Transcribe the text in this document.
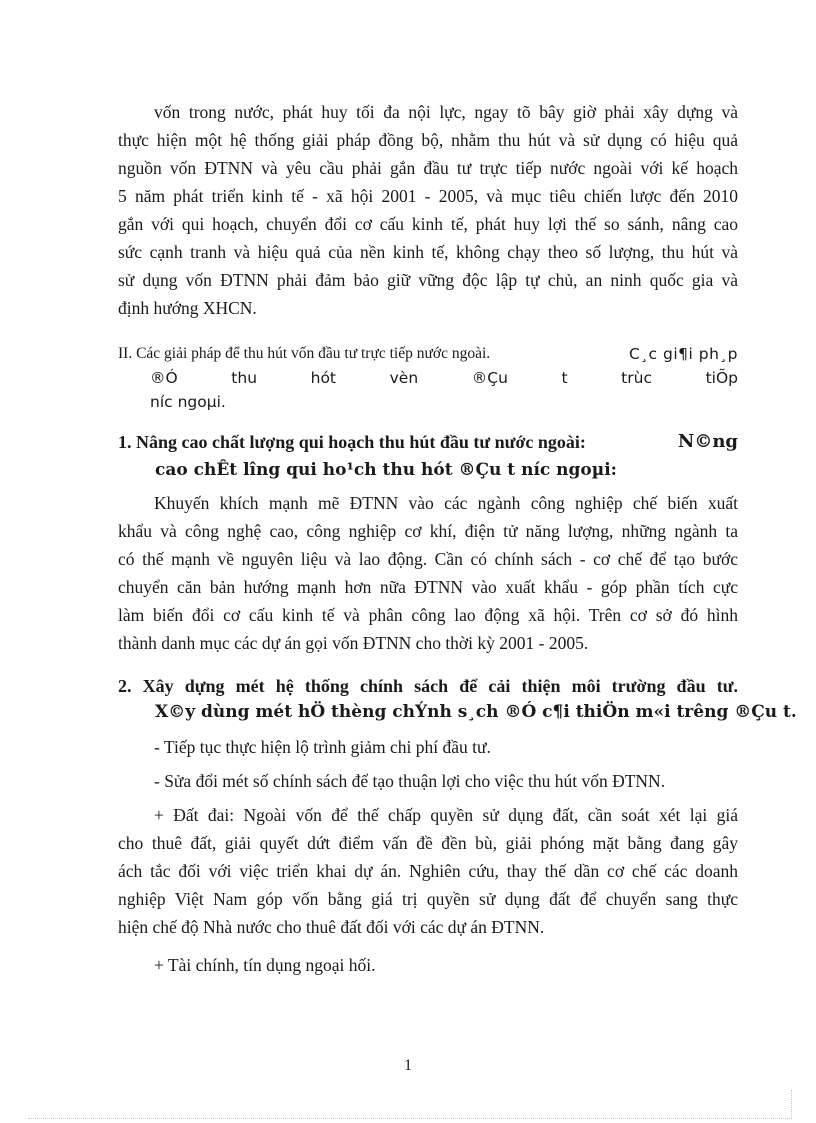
vốn trong nước, phát huy tối đa nội lực, ngay tõ bây giờ phải xây dựng và
thực hiện một hệ thống giải pháp đồng bộ, nhằm thu hút và sử dụng có hiệu quả
nguồn vốn ĐTNN và yêu cầu phải gắn đầu tư trực tiếp nước ngoài với kế hoạch
5 năm phát triển kinh tế - xã hội 2001 - 2005, và mục tiêu chiến lược đến 2010
gắn với qui hoạch, chuyển đổi cơ cấu kinh tế, phát huy lợi thế so sánh, nâng cao
sức cạnh tranh và hiệu quả của nền kinh tế, không chạy theo số lượng, thu hút và
sử dụng vốn ĐTNN phải đảm bảo giữ vững độc lập tự chủ, an ninh quốc gia và
định hướng XHCN.
II. Các giải pháp để thu hút vốn đầu tư trực tiếp nước ngoài.	C¸c gi¶i ph¸p
®Ó	thu	hót	vèn	®Çu	t	trùc	tiÕp
níc ngoµi.
1. Nâng cao chất lượng qui hoạch thu hút đầu tư nước ngoài:	N©ng
cao chÊt lîng qui ho¹ch thu hót ®Çu t níc ngoµi:
Khuyến khích mạnh mẽ ĐTNN vào các ngành công nghiệp chế biến xuất
khẩu và công nghệ cao, công nghiệp cơ khí, điện tử năng lượng, những ngành ta
có thế mạnh về nguyên liệu và lao động. Cần có chính sách - cơ chế để tạo bước
chuyển căn bản hướng mạnh hơn nữa ĐTNN vào xuất khẩu - góp phần tích cực
làm biến đổi cơ cấu kinh tế và phân công lao động xã hội. Trên cơ sở đó hình
thành danh mục các dự án gọi vốn ĐTNN cho thời kỳ 2001 - 2005.
2. Xây dựng mét hệ thống chính sách để cải thiện môi trường đầu tư.
X©y dùng mét hÖ thèng chÝnh s¸ch ®Ó c¶i thiÖn m«i trêng ®Çu t.
- Tiếp tục thực hiện lộ trình giảm chi phí đầu tư.
- Sửa đổi mét số chính sách để tạo thuận lợi cho việc thu hút vốn ĐTNN.
+ Đất đai: Ngoài vốn để thế chấp quyền sử dụng đất, cần soát xét lại giá
cho thuê đất, giải quyết dứt điểm vấn đề đền bù, giải phóng mặt bằng đang gây
ách tắc đối với việc triển khai dự án. Nghiên cứu, thay thế dần cơ chế các doanh
nghiệp Việt Nam góp vốn bằng giá trị quyền sử dụng đất để chuyển sang thực
hiện chế độ Nhà nước cho thuê đất đối với các dự án ĐTNN.
+ Tài chính, tín dụng ngoại hối.
1
